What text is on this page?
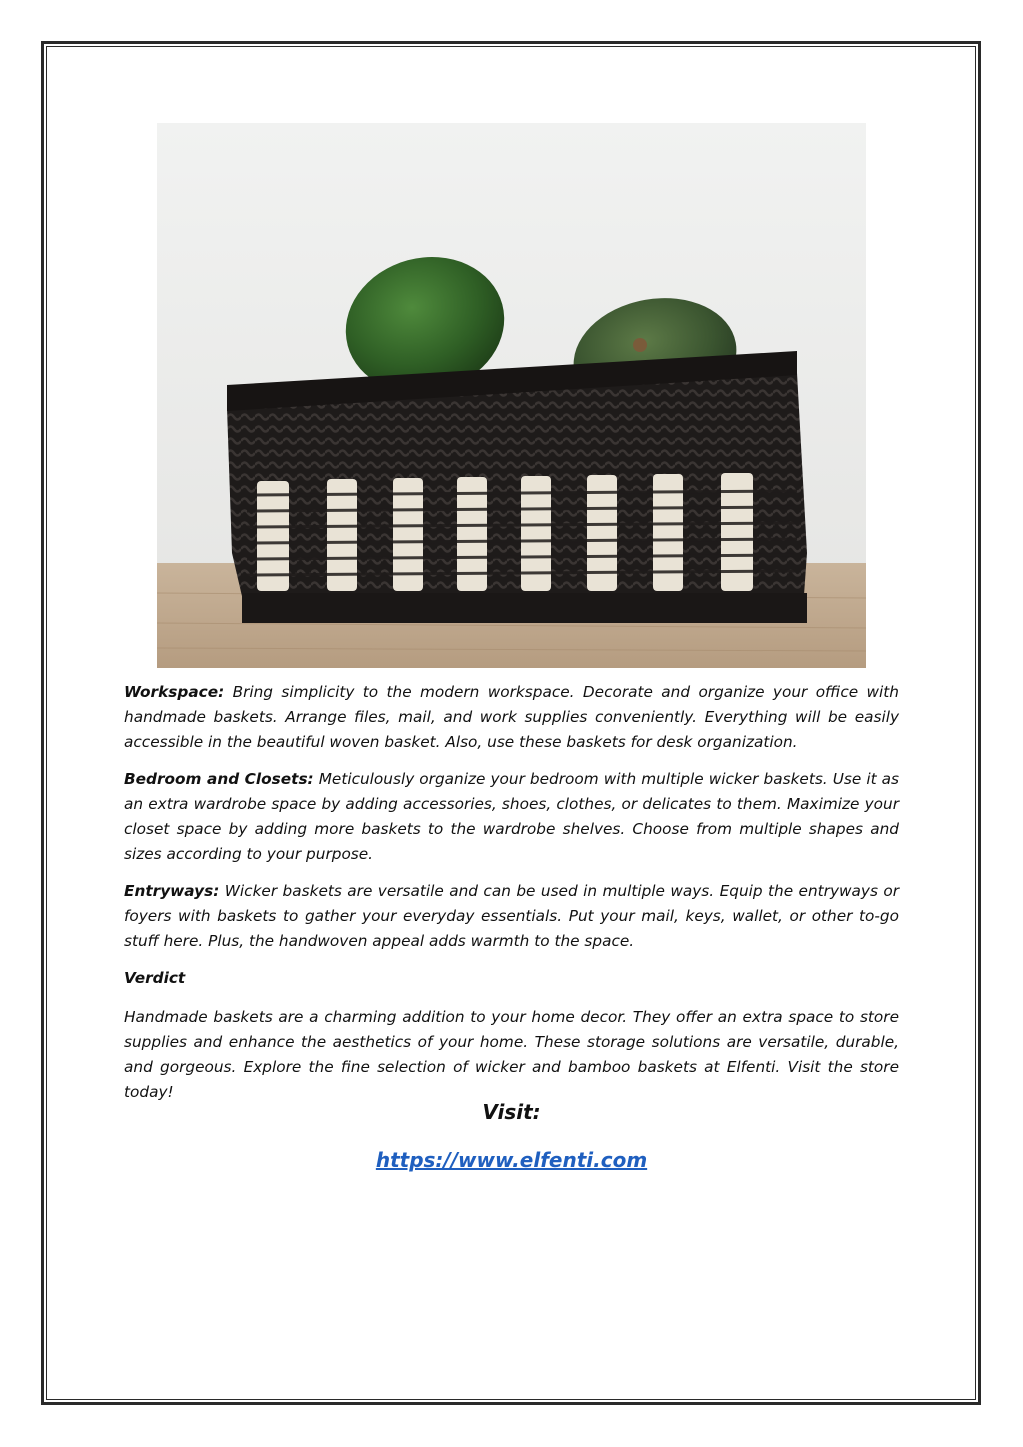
Workspace: Bring simplicity to the modern workspace. Decorate and organize your office with handmade baskets. Arrange files, mail, and work supplies conveniently. Everything will be easily accessible in the beautiful woven basket. Also, use these baskets for desk organization.

Bedroom and Closets: Meticulously organize your bedroom with multiple wicker baskets. Use it as an extra wardrobe space by adding accessories, shoes, clothes, or delicates to them. Maximize your closet space by adding more baskets to the wardrobe shelves. Choose from multiple shapes and sizes according to your purpose.

Entryways: Wicker baskets are versatile and can be used in multiple ways. Equip the entryways or foyers with baskets to gather your everyday essentials. Put your mail, keys, wallet, or other to-go stuff here. Plus, the handwoven appeal adds warmth to the space.

Verdict

Handmade baskets are a charming addition to your home decor. They offer an extra space to store supplies and enhance the aesthetics of your home. These storage solutions are versatile, durable, and gorgeous. Explore the fine selection of wicker and bamboo baskets at Elfenti. Visit the store today!

Visit:
https://www.elfenti.com
